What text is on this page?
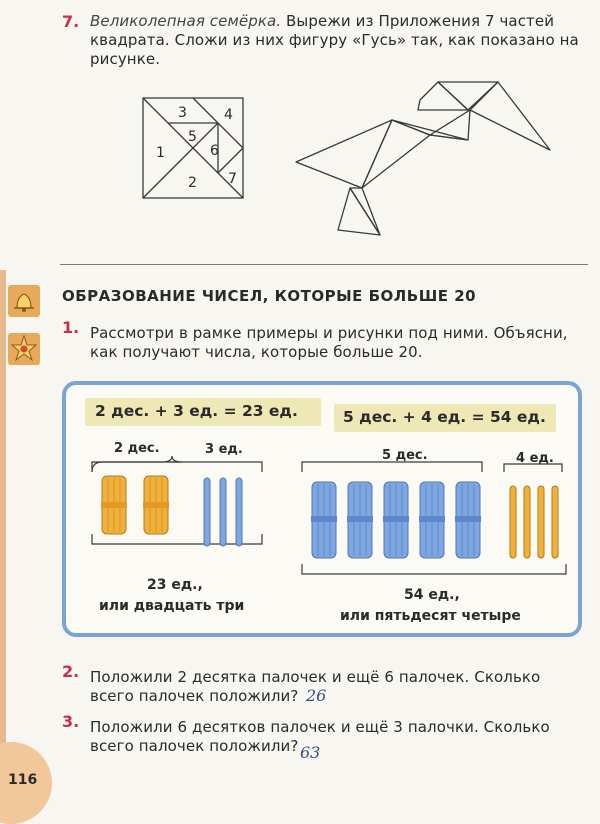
7. Великолепная семёрка. Вырежи из Приложения 7 частей
квадрата. Сложи из них фигуру «Гусь» так, как показано на
рисунке.
1
2
3	4
5
6
7
ОБРАЗОВАНИЕ ЧИСЕЛ, КОТОРЫЕ БОЛЬШЕ 20
1. Рассмотри в рамке примеры и рисунки под ними. Объясни,
как получают числа, которые больше 20.
2 дес. + 3 ед. = 23 ед.	5 дес. + 4 ед. = 54 ед.
2 дес.	3 ед.	5 дес.	4 ед.
23 ед.,
или двадцать три
54 ед.,
или пятьдесят четыре
2. Положили 2 десятка палочек и ещё 6 палочек. Сколько
всего палочек положили? 26
3. Положили 6 десятков палочек и ещё 3 палочки. Сколько
всего палочек положили? 63
116
